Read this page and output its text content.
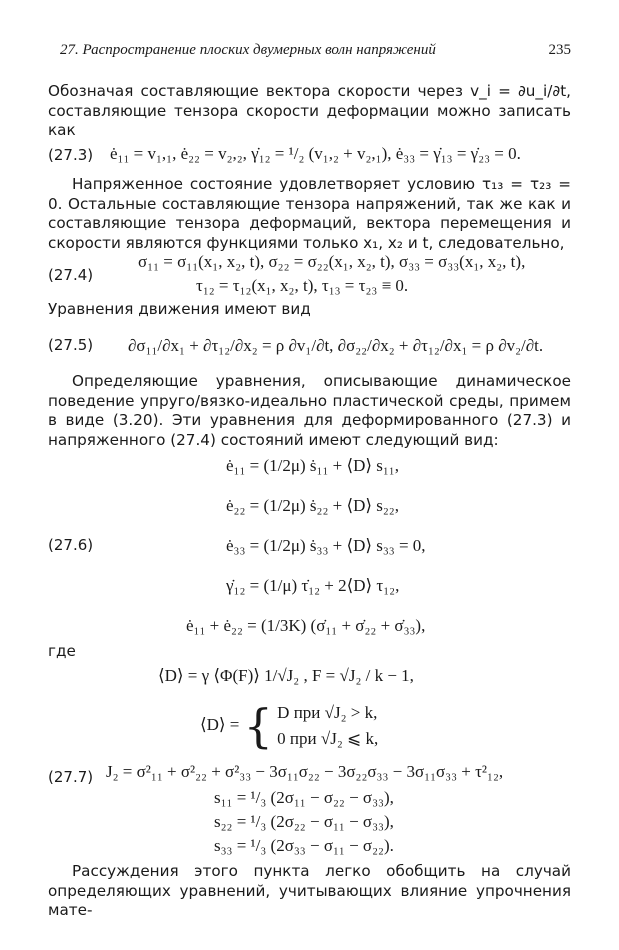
27. Распространение плоских двумерных волн напряжений	235
Обозначая составляющие вектора скорости через v_i = ∂u_i/∂t, составляющие тензора скорости деформации можно записать как
(27.3) ė₁₁ = v₁,₁, ė₂₂ = v₂,₂, γ̇₁₂ = ¹/₂ (v₁,₂ + v₂,₁), ė₃₃ = γ̇₁₃ = γ̇₂₃ = 0.
Напряженное состояние удовлетворяет условию τ₁₃ = τ₂₃ = 0. Остальные составляющие тензора напряжений, так же как и составляющие тензора деформаций, вектора перемещения и скорости являются функциями только x₁, x₂ и t, следовательно,
(27.4)
σ₁₁ = σ₁₁(x₁, x₂, t), σ₂₂ = σ₂₂(x₁, x₂, t), σ₃₃ = σ₃₃(x₁, x₂, t),
τ₁₂ = τ₁₂(x₁, x₂, t), τ₁₃ = τ₂₃ ≡ 0.
Уравнения движения имеют вид
(27.5) ∂σ₁₁/∂x₁ + ∂τ₁₂/∂x₂ = ρ ∂v₁/∂t, ∂σ₂₂/∂x₂ + ∂τ₁₂/∂x₁ = ρ ∂v₂/∂t.
Определяющие уравнения, описывающие динамическое поведение упруго/вязко-идеально пластической среды, примем в виде (3.20). Эти уравнения для деформированного (27.3) и напряженного (27.4) состояний имеют следующий вид:
(27.6)
ė₁₁ = (1/2μ) ṡ₁₁ + ⟨D⟩ s₁₁,
ė₂₂ = (1/2μ) ṡ₂₂ + ⟨D⟩ s₂₂,
ė₃₃ = (1/2μ) ṡ₃₃ + ⟨D⟩ s₃₃ = 0,
γ̇₁₂ = (1/μ) τ̇₁₂ + 2⟨D⟩ τ₁₂,
ė₁₁ + ė₂₂ = (1/3K) (σ̇₁₁ + σ̇₂₂ + σ̇₃₃),
где
⟨D⟩ = γ ⟨Φ(F)⟩ 1/√J₂ , F = √J₂ / k − 1,
⟨D⟩ = { D при √J₂ > k,
0 при √J₂ ⩽ k,
(27.7) J₂ = σ²₁₁ + σ²₂₂ + σ²₃₃ − 3σ₁₁σ₂₂ − 3σ₂₂σ₃₃ − 3σ₁₁σ₃₃ + τ²₁₂,
s₁₁ = ¹/₃ (2σ₁₁ − σ₂₂ − σ₃₃),
s₂₂ = ¹/₃ (2σ₂₂ − σ₁₁ − σ₃₃),
s₃₃ = ¹/₃ (2σ₃₃ − σ₁₁ − σ₂₂).
Рассуждения этого пункта легко обобщить на случай определяющих уравнений, учитывающих влияние упрочнения мате-
